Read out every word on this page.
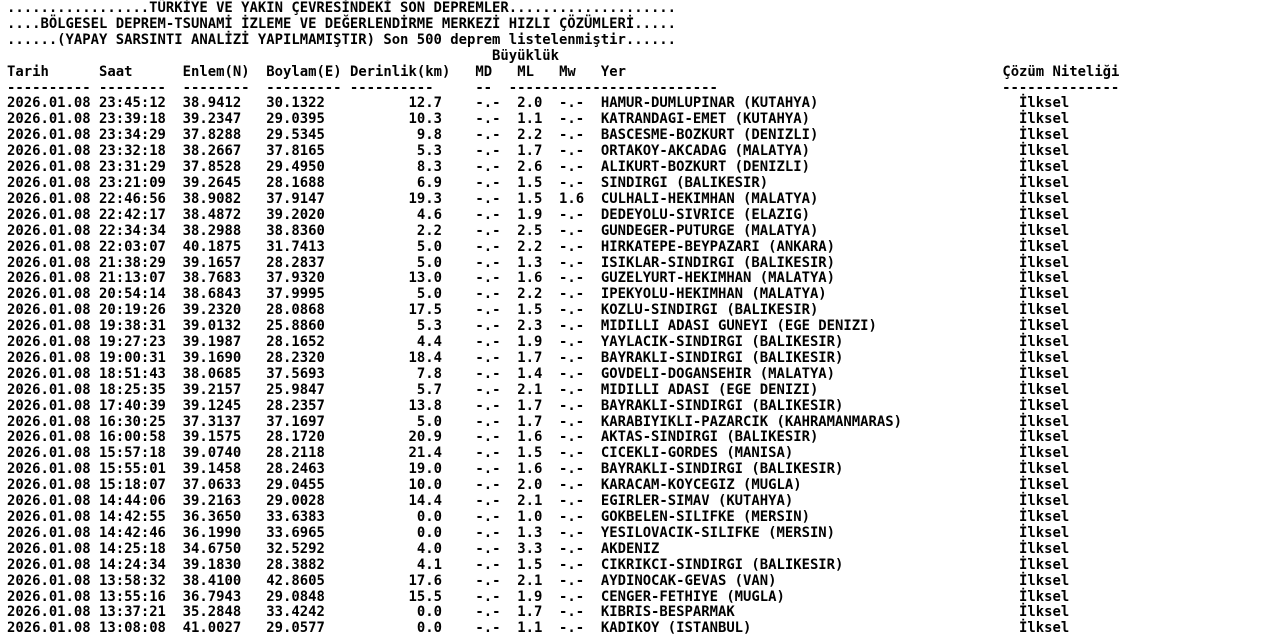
.................TÜRKİYE VE YAKIN ÇEVRESİNDEKİ SON DEPREMLER....................
....BÖLGESEL DEPREM-TSUNAMİ İZLEME VE DEĞERLENDİRME MERKEZİ HIZLI ÇÖZÜMLERİ.....
......(YAPAY SARSINTI ANALİZİ YAPILMAMIŞTIR) Son 500 deprem listelenmiştir......
Büyüklük
Tarih	Saat	Enlem(N) Boylam(E) Derinlik(km) MD ML Mw Yer	Çözüm Niteliği
---------- --------  --------  --------- ----------     --  -------------------------                                  --------------
2026.01.08 23:45:12 38.9412 30.1322	12.7 -.- 2.0 -.- HAMUR-DUMLUPINAR (KUTAHYA)	İlksel
2026.01.08 23:39:18 39.2347 29.0395	10.3 -.- 1.1 -.- KATRANDAGI-EMET (KUTAHYA)	İlksel
2026.01.08 23:34:29 37.8288 29.5345	9.8 -.- 2.2 -.- BASCESME-BOZKURT (DENIZLI)	İlksel
2026.01.08 23:32:18 38.2667 37.8165	5.3 -.- 1.7 -.- ORTAKOY-AKCADAG (MALATYA)	İlksel
2026.01.08 23:31:29 37.8528 29.4950	8.3 -.- 2.6 -.- ALIKURT-BOZKURT (DENIZLI)	İlksel
2026.01.08 23:21:09 39.2645 28.1688	6.9 -.- 1.5 -.- SINDIRGI (BALIKESIR)	İlksel
2026.01.08 22:46:56 38.9082 37.9147	19.3 -.- 1.5 1.6 CULHALI-HEKIMHAN (MALATYA)	İlksel
2026.01.08 22:42:17 38.4872 39.2020	4.6 -.- 1.9 -.- DEDEYOLU-SIVRICE (ELAZIG)	İlksel
2026.01.08 22:34:34 38.2988 38.8360	2.2 -.- 2.5 -.- GUNDEGER-PUTURGE (MALATYA)	İlksel
2026.01.08 22:03:07 40.1875 31.7413	5.0 -.- 2.2 -.- HIRKATEPE-BEYPAZARI (ANKARA)	İlksel
2026.01.08 21:38:29 39.1657 28.2837	5.0 -.- 1.3 -.- ISIKLAR-SINDIRGI (BALIKESIR)	İlksel
2026.01.08 21:13:07 38.7683 37.9320	13.0 -.- 1.6 -.- GUZELYURT-HEKIMHAN (MALATYA)	İlksel
2026.01.08 20:54:14 38.6843 37.9995	5.0 -.- 2.2 -.- IPEKYOLU-HEKIMHAN (MALATYA)	İlksel
2026.01.08 20:19:26 39.2320 28.0868	17.5 -.- 1.5 -.- KOZLU-SINDIRGI (BALIKESIR)	İlksel
2026.01.08 19:38:31 39.0132 25.8860	5.3 -.- 2.3 -.- MIDILLI ADASI GUNEYI (EGE DENIZI)	İlksel
2026.01.08 19:27:23 39.1987 28.1652	4.4 -.- 1.9 -.- YAYLACIK-SINDIRGI (BALIKESIR)	İlksel
2026.01.08 19:00:31 39.1690 28.2320	18.4 -.- 1.7 -.- BAYRAKLI-SINDIRGI (BALIKESIR)	İlksel
2026.01.08 18:51:43 38.0685 37.5693	7.8 -.- 1.4 -.- GOVDELI-DOGANSEHIR (MALATYA)	İlksel
2026.01.08 18:25:35 39.2157 25.9847	5.7 -.- 2.1 -.- MIDILLI ADASI (EGE DENIZI)	İlksel
2026.01.08 17:40:39 39.1245 28.2357	13.8 -.- 1.7 -.- BAYRAKLI-SINDIRGI (BALIKESIR)	İlksel
2026.01.08 16:30:25 37.3137 37.1697	5.0 -.- 1.7 -.- KARABIYIKLI-PAZARCIK (KAHRAMANMARAS)	İlksel
2026.01.08 16:00:58 39.1575 28.1720	20.9 -.- 1.6 -.- AKTAS-SINDIRGI (BALIKESIR)	İlksel
2026.01.08 15:57:18 39.0740 28.2118	21.4 -.- 1.5 -.- CICEKLI-GORDES (MANISA)	İlksel
2026.01.08 15:55:01 39.1458 28.2463	19.0 -.- 1.6 -.- BAYRAKLI-SINDIRGI (BALIKESIR)	İlksel
2026.01.08 15:18:07 37.0633 29.0455	10.0 -.- 2.0 -.- KARACAM-KOYCEGIZ (MUGLA)	İlksel
2026.01.08 14:44:06 39.2163 29.0028	14.4 -.- 2.1 -.- EGIRLER-SIMAV (KUTAHYA)	İlksel
2026.01.08 14:42:55 36.3650 33.6383	0.0 -.- 1.0 -.- GOKBELEN-SILIFKE (MERSIN)	İlksel
2026.01.08 14:42:46 36.1990 33.6965	0.0 -.- 1.3 -.- YESILOVACIK-SILIFKE (MERSIN)	İlksel
2026.01.08 14:25:18 34.6750 32.5292	4.0 -.- 3.3 -.- AKDENIZ	İlksel
2026.01.08 14:24:34 39.1830 28.3882	4.1 -.- 1.5 -.- CIKRIKCI-SINDIRGI (BALIKESIR)	İlksel
2026.01.08 13:58:32 38.4100 42.8605	17.6 -.- 2.1 -.- AYDINOCAK-GEVAS (VAN)	İlksel
2026.01.08 13:55:16 36.7943 29.0848	15.5 -.- 1.9 -.- CENGER-FETHIYE (MUGLA)	İlksel
2026.01.08 13:37:21 35.2848 33.4242	0.0 -.- 1.7 -.- KIBRIS-BESPARMAK	İlksel
2026.01.08 13:08:08 41.0027 29.0577	0.0 -.- 1.1 -.- KADIKOY (ISTANBUL)	İlksel
